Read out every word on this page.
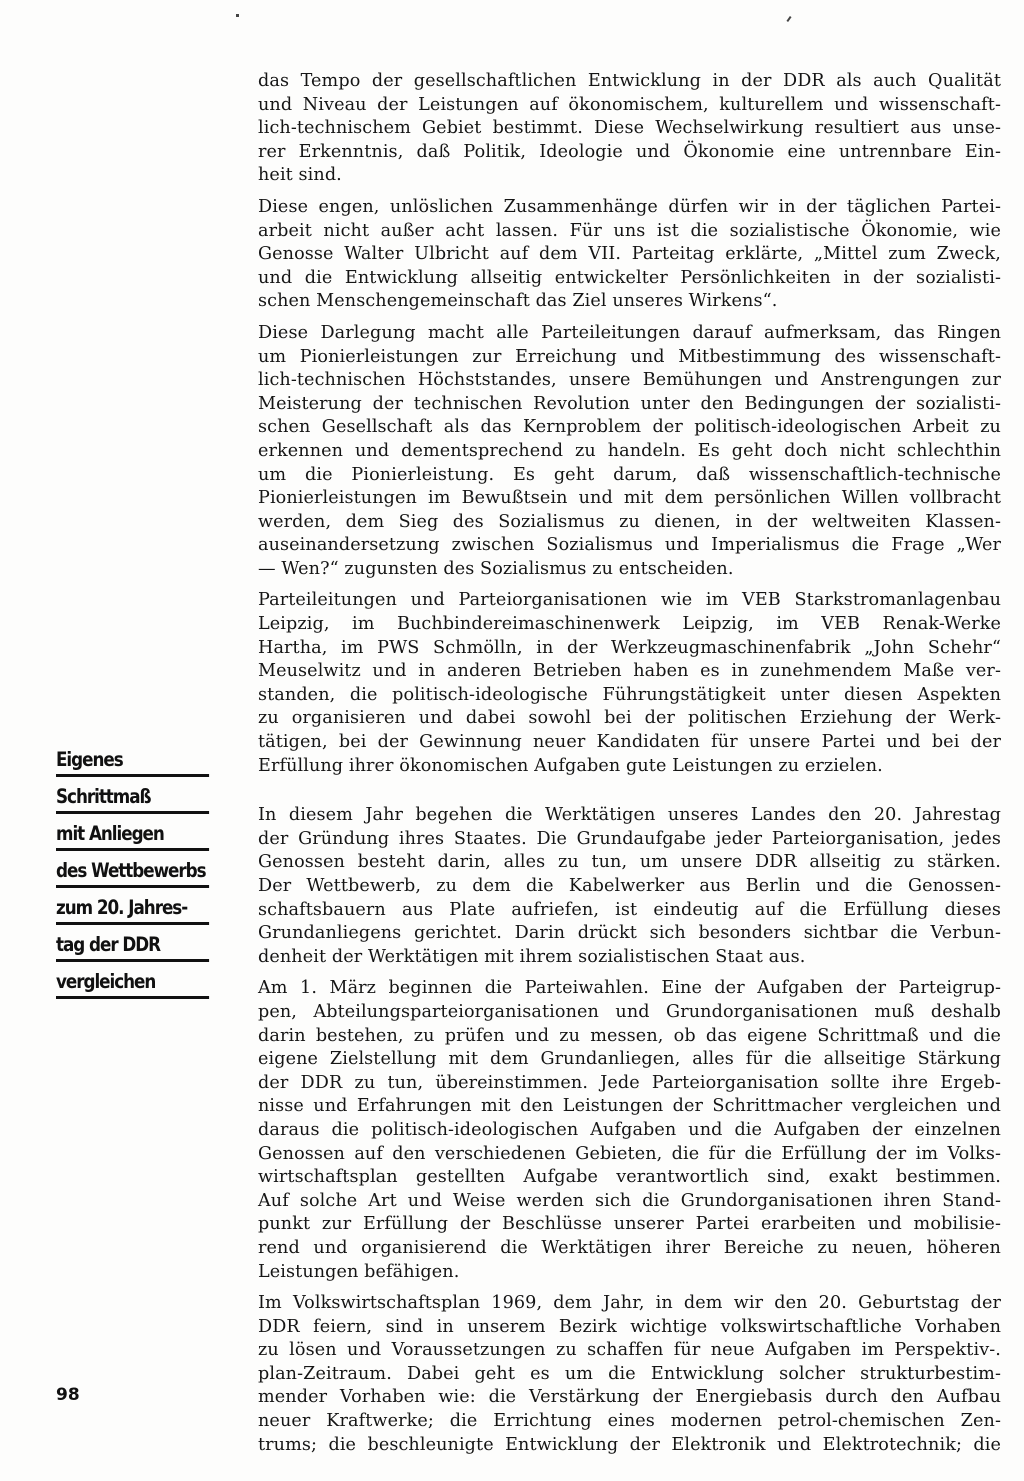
das Tempo der gesellschaftlichen Entwicklung in der DDR als auch Qualität
und Niveau der Leistungen auf ökonomischem, kulturellem und wissenschaft-
lich-technischem Gebiet bestimmt. Diese Wechselwirkung resultiert aus unse-
rer Erkenntnis, daß Politik, Ideologie und Ökonomie eine untrennbare Ein-
heit sind.

Diese engen, unlöslichen Zusammenhänge dürfen wir in der täglichen Partei-
arbeit nicht außer acht lassen. Für uns ist die sozialistische Ökonomie, wie
Genosse Walter Ulbricht auf dem VII. Parteitag erklärte, „Mittel zum Zweck,
und die Entwicklung allseitig entwickelter Persönlichkeiten in der sozialisti-
schen Menschengemeinschaft das Ziel unseres Wirkens“.

Diese Darlegung macht alle Parteileitungen darauf aufmerksam, das Ringen
um Pionierleistungen zur Erreichung und Mitbestimmung des wissenschaft-
lich-technischen Höchststandes, unsere Bemühungen und Anstrengungen zur
Meisterung der technischen Revolution unter den Bedingungen der sozialisti-
schen Gesellschaft als das Kernproblem der politisch-ideologischen Arbeit zu
erkennen und dementsprechend zu handeln. Es geht doch nicht schlechthin
um die Pionierleistung. Es geht darum, daß wissenschaftlich-technische
Pionierleistungen im Bewußtsein und mit dem persönlichen Willen vollbracht
werden, dem Sieg des Sozialismus zu dienen, in der weltweiten Klassen-
auseinandersetzung zwischen Sozialismus und Imperialismus die Frage „Wer
— Wen?“ zugunsten des Sozialismus zu entscheiden.

Parteileitungen und Parteiorganisationen wie im VEB Starkstromanlagenbau
Leipzig, im Buchbindereimaschinenwerk Leipzig, im VEB Renak-Werke
Hartha, im PWS Schmölln, in der Werkzeugmaschinenfabrik „John Schehr“
Meuselwitz und in anderen Betrieben haben es in zunehmendem Maße ver-
standen, die politisch-ideologische Führungstätigkeit unter diesen Aspekten
zu organisieren und dabei sowohl bei der politischen Erziehung der Werk-
tätigen, bei der Gewinnung neuer Kandidaten für unsere Partei und bei der
Erfüllung ihrer ökonomischen Aufgaben gute Leistungen zu erzielen.

In diesem Jahr begehen die Werktätigen unseres Landes den 20. Jahrestag
der Gründung ihres Staates. Die Grundaufgabe jeder Parteiorganisation, jedes
Genossen besteht darin, alles zu tun, um unsere DDR allseitig zu stärken.
Der Wettbewerb, zu dem die Kabelwerker aus Berlin und die Genossen-
schaftsbauern aus Plate aufriefen, ist eindeutig auf die Erfüllung dieses
Grundanliegens gerichtet. Darin drückt sich besonders sichtbar die Verbun-
denheit der Werktätigen mit ihrem sozialistischen Staat aus.

Am 1. März beginnen die Parteiwahlen. Eine der Aufgaben der Parteigrup-
pen, Abteilungsparteiorganisationen und Grundorganisationen muß deshalb
darin bestehen, zu prüfen und zu messen, ob das eigene Schrittmaß und die
eigene Zielstellung mit dem Grundanliegen, alles für die allseitige Stärkung
der DDR zu tun, übereinstimmen. Jede Parteiorganisation sollte ihre Ergeb-
nisse und Erfahrungen mit den Leistungen der Schrittmacher vergleichen und
daraus die politisch-ideologischen Aufgaben und die Aufgaben der einzelnen
Genossen auf den verschiedenen Gebieten, die für die Erfüllung der im Volks-
wirtschaftsplan gestellten Aufgabe verantwortlich sind, exakt bestimmen.
Auf solche Art und Weise werden sich die Grundorganisationen ihren Stand-
punkt zur Erfüllung der Beschlüsse unserer Partei erarbeiten und mobilisie-
rend und organisierend die Werktätigen ihrer Bereiche zu neuen, höheren
Leistungen befähigen.

Im Volkswirtschaftsplan 1969, dem Jahr, in dem wir den 20. Geburtstag der
DDR feiern, sind in unserem Bezirk wichtige volkswirtschaftliche Vorhaben
zu lösen und Voraussetzungen zu schaffen für neue Aufgaben im Perspektiv-.
plan-Zeitraum. Dabei geht es um die Entwicklung solcher strukturbestim-
mender Vorhaben wie: die Verstärkung der Energiebasis durch den Aufbau
neuer Kraftwerke; die Errichtung eines modernen petrol-chemischen Zen-
trums; die beschleunigte Entwicklung der Elektronik und Elektrotechnik; die

Eigenes
Schrittmaß
mit Anliegen
des Wettbewerbs
zum 20. Jahres-
tag der DDR
vergleichen
98
